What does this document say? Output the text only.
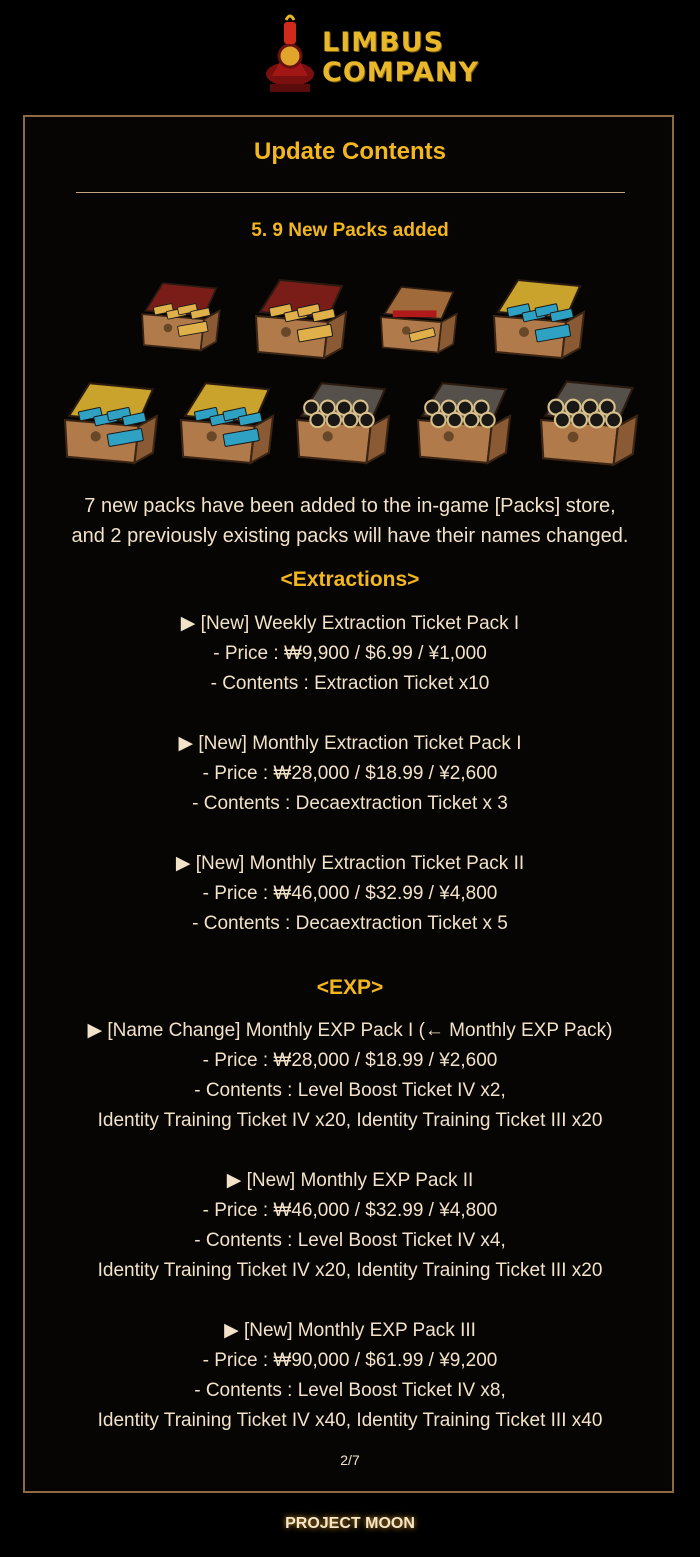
LIMBUS
COMPANY
Update Contents
5. 9 New Packs added
7 new packs have been added to the in-game [Packs] store,
and 2 previously existing packs will have their names changed.
<Extractions>
▶ [New] Weekly Extraction Ticket Pack I
- Price : ₩9,900 / $6.99 / ¥1,000
- Contents : Extraction Ticket x10
▶ [New] Monthly Extraction Ticket Pack I
- Price : ₩28,000 / $18.99 / ¥2,600
- Contents : Decaextraction Ticket x 3
▶ [New] Monthly Extraction Ticket Pack II
- Price : ₩46,000 / $32.99 / ¥4,800
- Contents : Decaextraction Ticket x 5
<EXP>
▶ [Name Change] Monthly EXP Pack I (← Monthly EXP Pack)
- Price : ₩28,000 / $18.99 / ¥2,600
- Contents : Level Boost Ticket IV x2,
Identity Training Ticket IV x20, Identity Training Ticket III x20
▶ [New] Monthly EXP Pack II
- Price : ₩46,000 / $32.99 / ¥4,800
- Contents : Level Boost Ticket IV x4,
Identity Training Ticket IV x20, Identity Training Ticket III x20
▶ [New] Monthly EXP Pack III
- Price : ₩90,000 / $61.99 / ¥9,200
- Contents : Level Boost Ticket IV x8,
Identity Training Ticket IV x40, Identity Training Ticket III x40
2/7
PROJECT MOON
